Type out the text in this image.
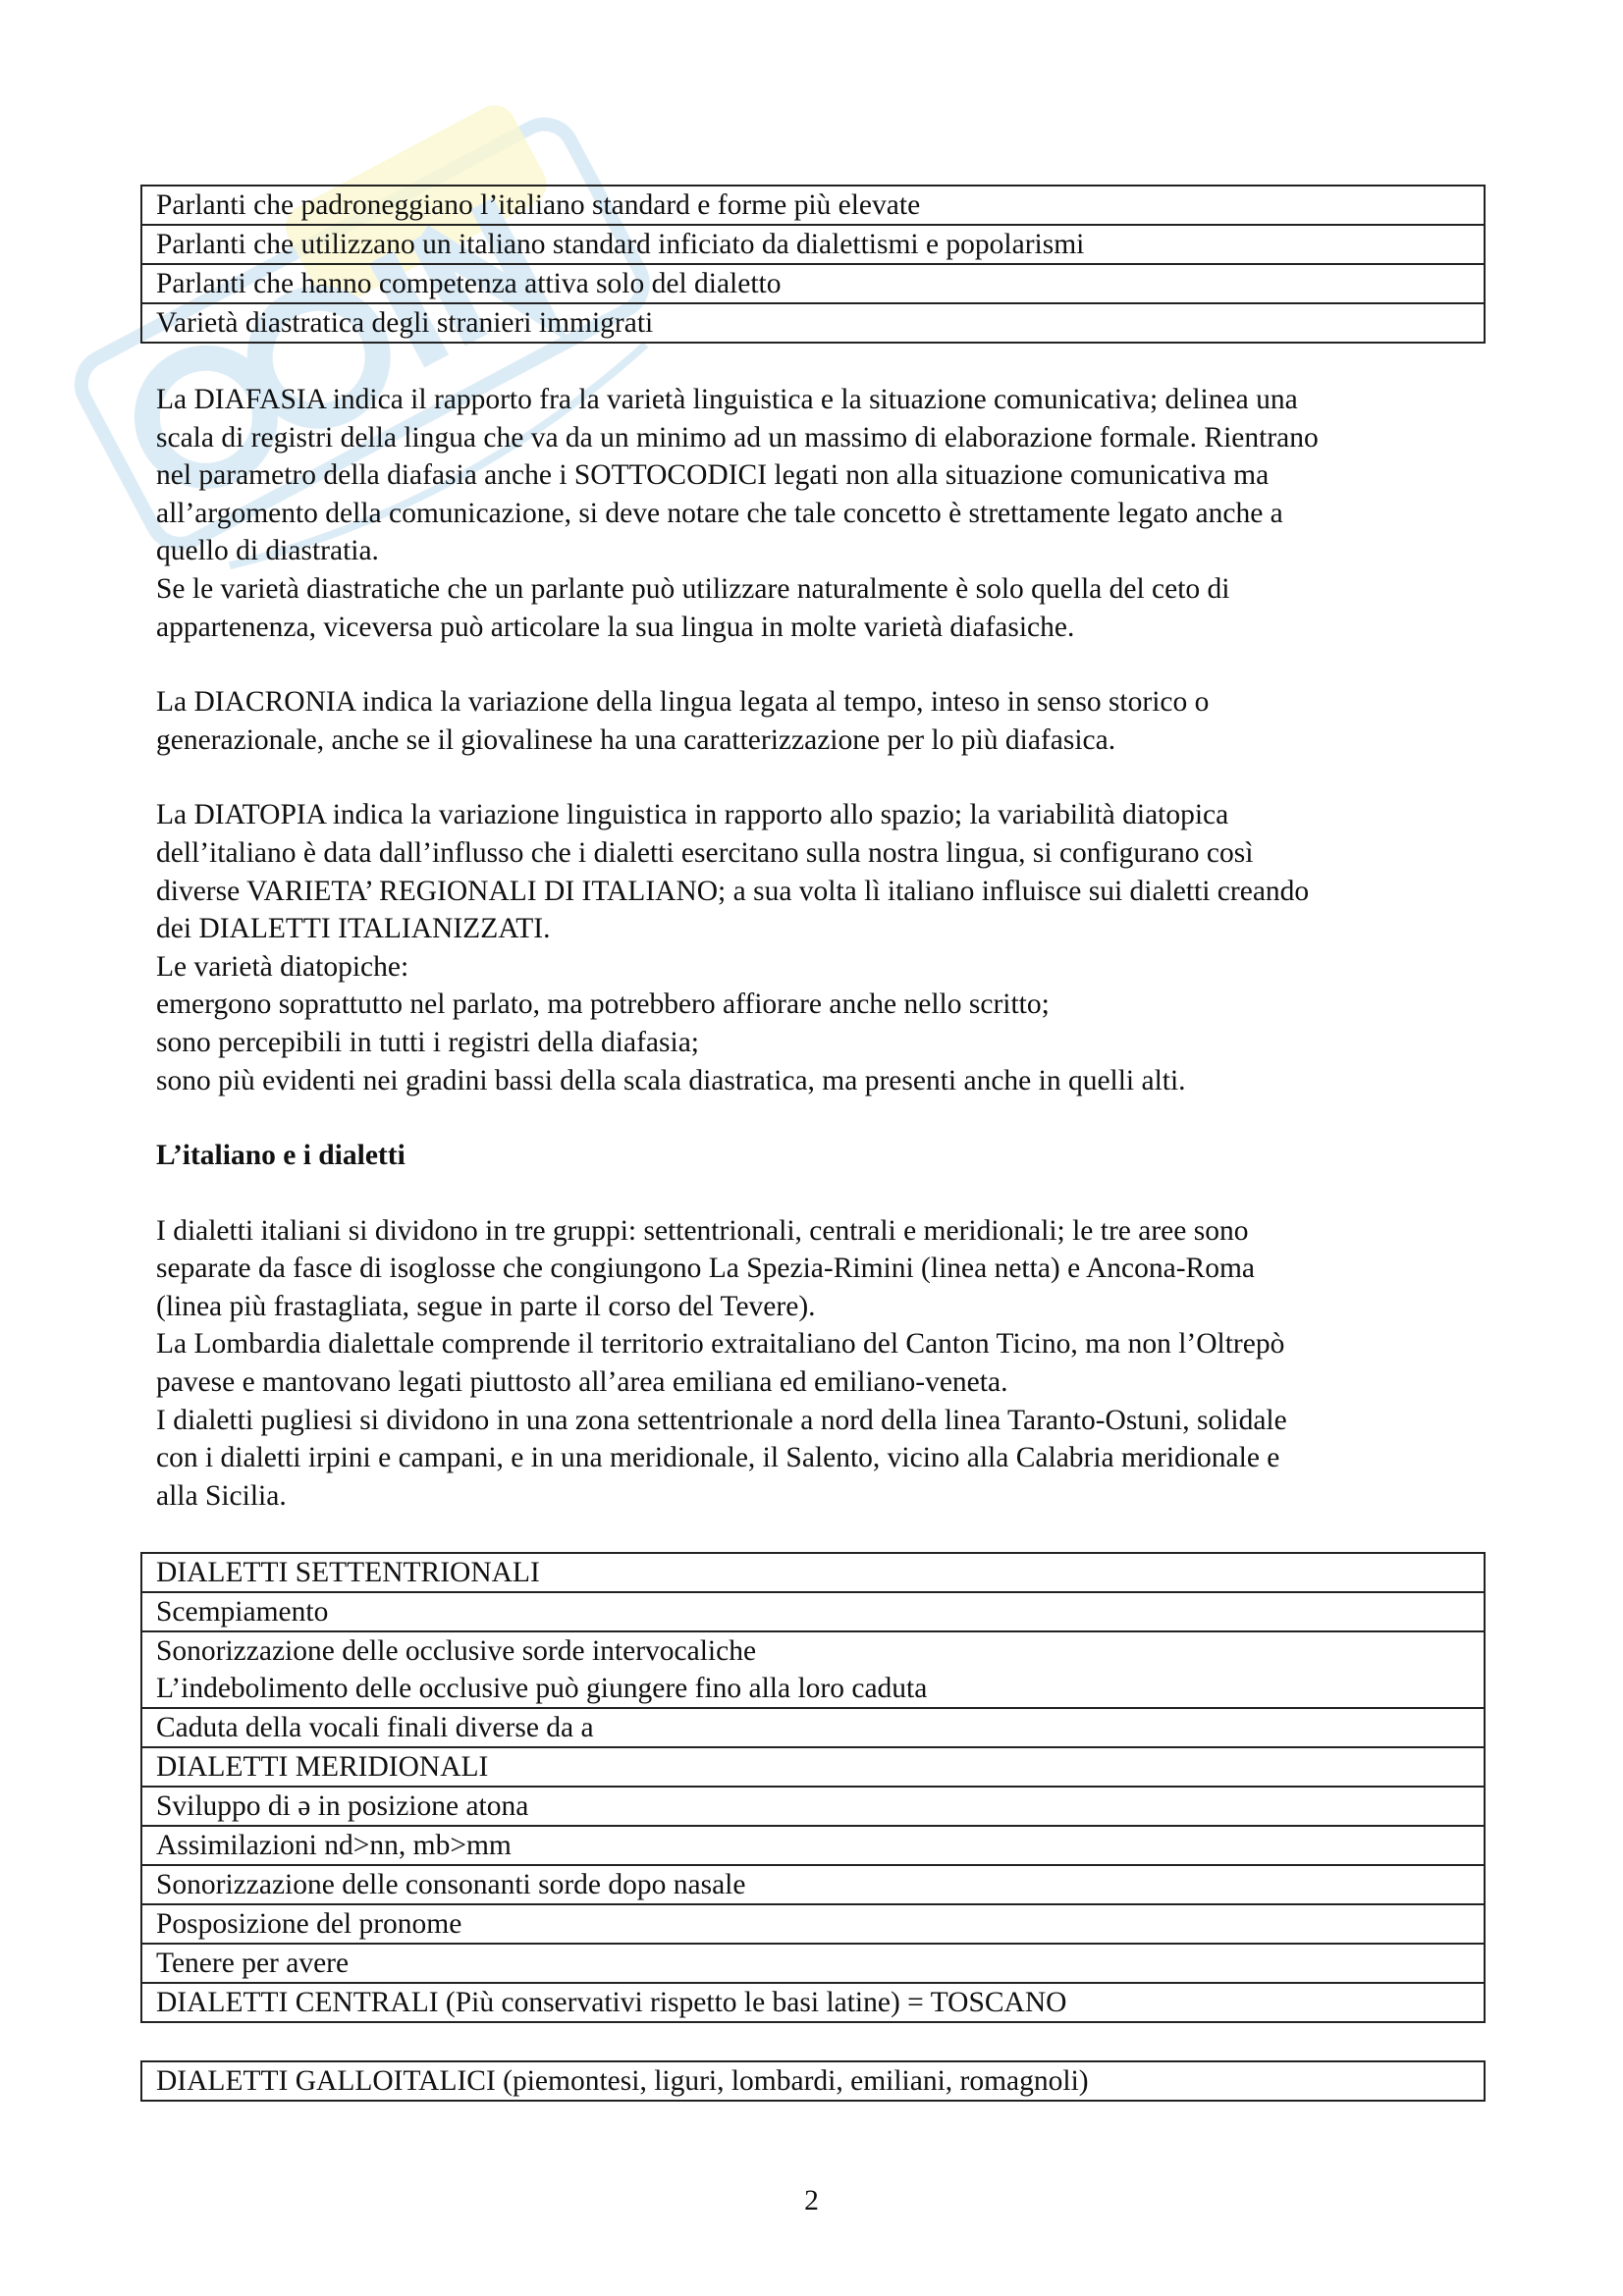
Parlanti che padroneggiano l’italiano standard e forme più elevate
Parlanti che utilizzano un italiano standard inficiato da dialettismi e popolarismi
Parlanti che hanno competenza attiva solo del dialetto
Varietà diastratica degli stranieri immigrati
La DIAFASIA indica il rapporto fra la varietà linguistica e la situazione comunicativa; delinea una
scala di registri della lingua che va da un minimo ad un massimo di elaborazione formale. Rientrano
nel parametro della diafasia anche i SOTTOCODICI legati non alla situazione comunicativa ma
all’argomento della comunicazione, si deve notare che tale concetto è strettamente legato anche a
quello di diastratia.
Se le varietà diastratiche che un parlante può utilizzare naturalmente è solo quella del ceto di
appartenenza, viceversa può articolare la sua lingua in molte varietà diafasiche.
La DIACRONIA indica la variazione della lingua legata al tempo, inteso in senso storico o
generazionale, anche se il giovalinese ha una caratterizzazione per lo più diafasica.
La DIATOPIA indica la variazione linguistica in rapporto allo spazio; la variabilità diatopica
dell’italiano è data dall’influsso che i dialetti esercitano sulla nostra lingua, si configurano così
diverse VARIETA’ REGIONALI DI ITALIANO; a sua volta lì italiano influisce sui dialetti creando
dei DIALETTI ITALIANIZZATI.
Le varietà diatopiche:
emergono soprattutto nel parlato, ma potrebbero affiorare anche nello scritto;
sono percepibili in tutti i registri della diafasia;
sono più evidenti nei gradini bassi della scala diastratica, ma presenti anche in quelli alti.
L’italiano e i dialetti
I dialetti italiani si dividono in tre gruppi: settentrionali, centrali e meridionali; le tre aree sono
separate da fasce di isoglosse che congiungono La Spezia-Rimini (linea netta) e Ancona-Roma
(linea più frastagliata, segue in parte il corso del Tevere).
La Lombardia dialettale comprende il territorio extraitaliano del Canton Ticino, ma non l’Oltrepò
pavese e mantovano legati piuttosto all’area emiliana ed emiliano-veneta.
I dialetti pugliesi si dividono in una zona settentrionale a nord della linea Taranto-Ostuni, solidale
con i dialetti irpini e campani, e in una meridionale, il Salento, vicino alla Calabria meridionale e
alla Sicilia.
DIALETTI SETTENTRIONALI
Scempiamento

Sonorizzazione delle occlusive sorde intervocaliche
L’indebolimento delle occlusive può giungere fino alla loro caduta

Caduta della vocali finali diverse da a
DIALETTI MERIDIONALI
Sviluppo di ə in posizione atona
Assimilazioni nd>nn, mb>mm
Sonorizzazione delle consonanti sorde dopo nasale
Posposizione del pronome
Tenere per avere
DIALETTI CENTRALI (Più conservativi rispetto le basi latine) = TOSCANO
DIALETTI GALLOITALICI (piemontesi, liguri, lombardi, emiliani, romagnoli)
2
